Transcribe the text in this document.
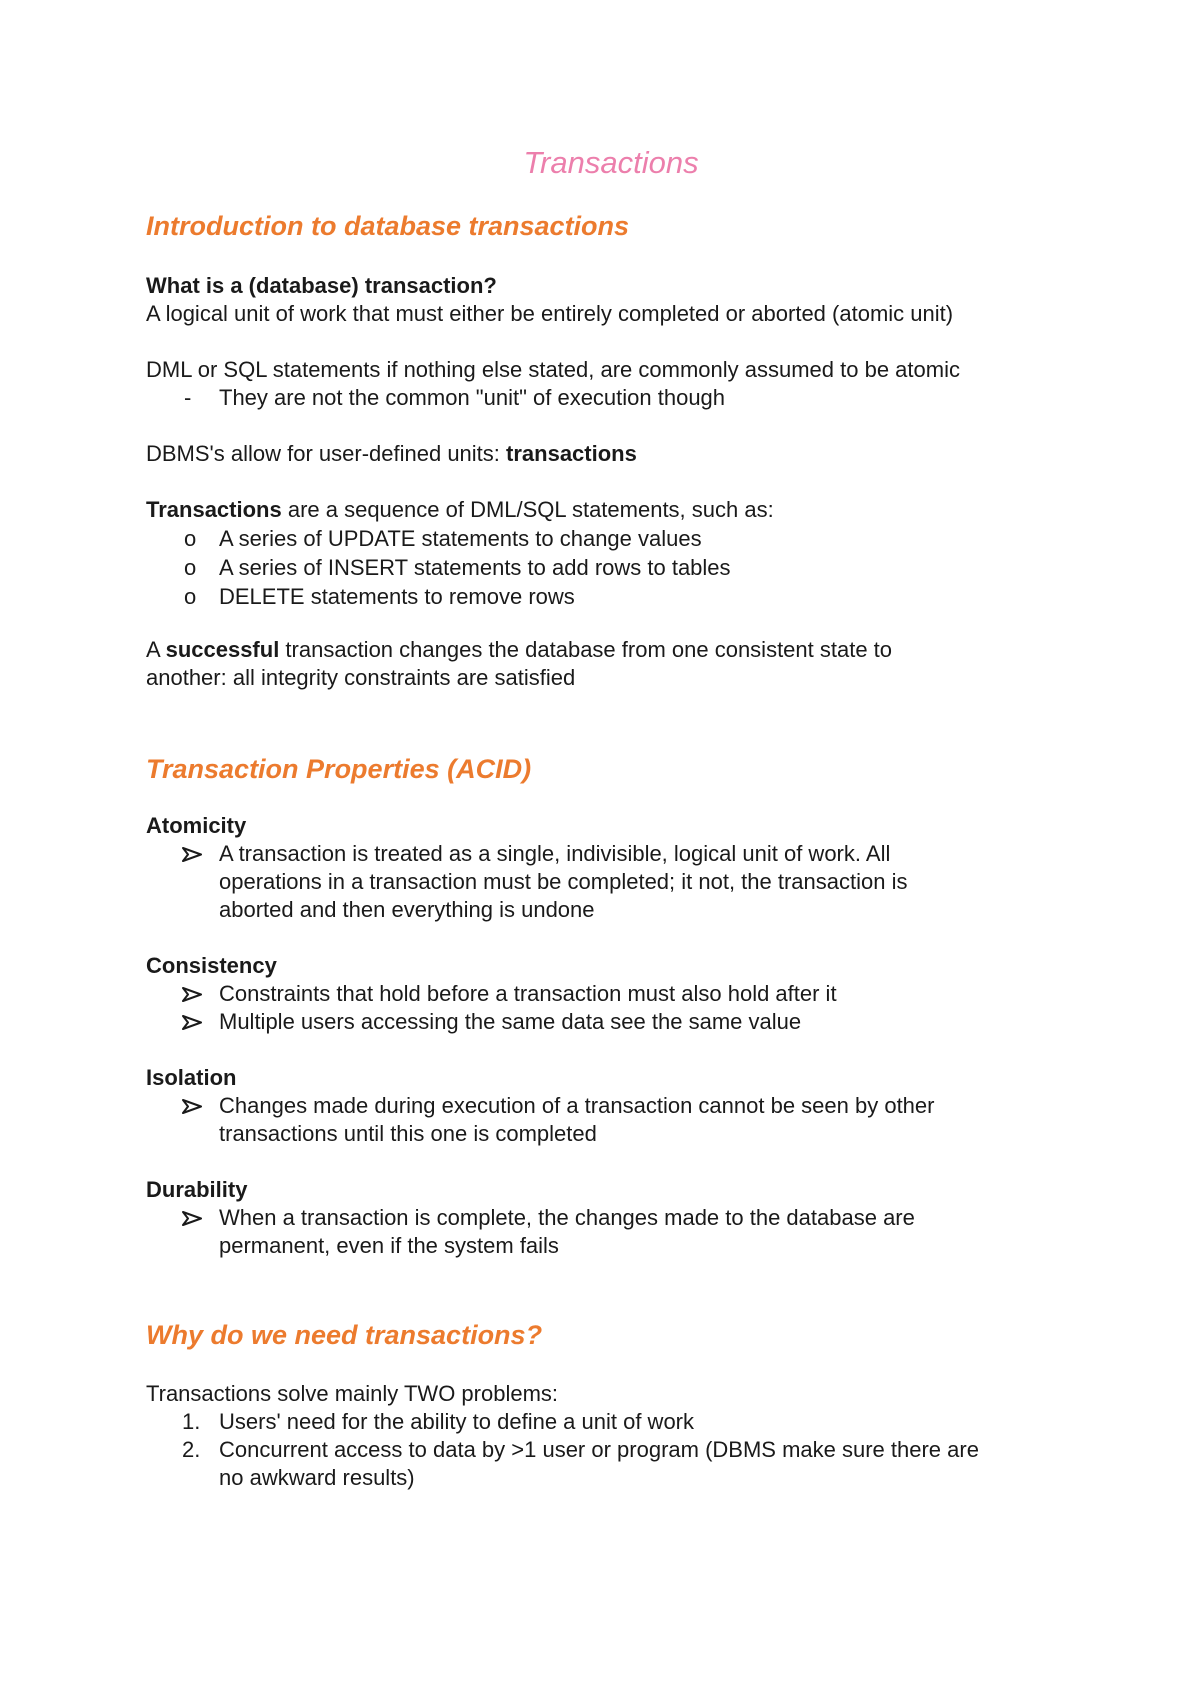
Transactions
Introduction to database transactions

What is a (database) transaction?

A logical unit of work that must either be entirely completed or aborted (atomic unit)

DML or SQL statements if nothing else stated, are commonly assumed to be atomic

-	They are not the common "unit" of execution though

DBMS's allow for user-defined units: transactions

Transactions are a sequence of DML/SQL statements, such as:

o	A series of UPDATE statements to change values
o	A series of INSERT statements to add rows to tables
o	DELETE statements to remove rows

A successful transaction changes the database from one consistent state to

another: all integrity constraints are satisfied

Transaction Properties (ACID)

Atomicity

A transaction is treated as a single, indivisible, logical unit of work. All
operations in a transaction must be completed; it not, the transaction is
aborted and then everything is undone

Consistency

Constraints that hold before a transaction must also hold after it
Multiple users accessing the same data see the same value

Isolation

Changes made during execution of a transaction cannot be seen by other
transactions until this one is completed

Durability

When a transaction is complete, the changes made to the database are
permanent, even if the system fails
Why do we need transactions?

Transactions solve mainly TWO problems:

1. Users' need for the ability to define a unit of work
2. Concurrent access to data by >1 user or program (DBMS make sure there are
no awkward results)
